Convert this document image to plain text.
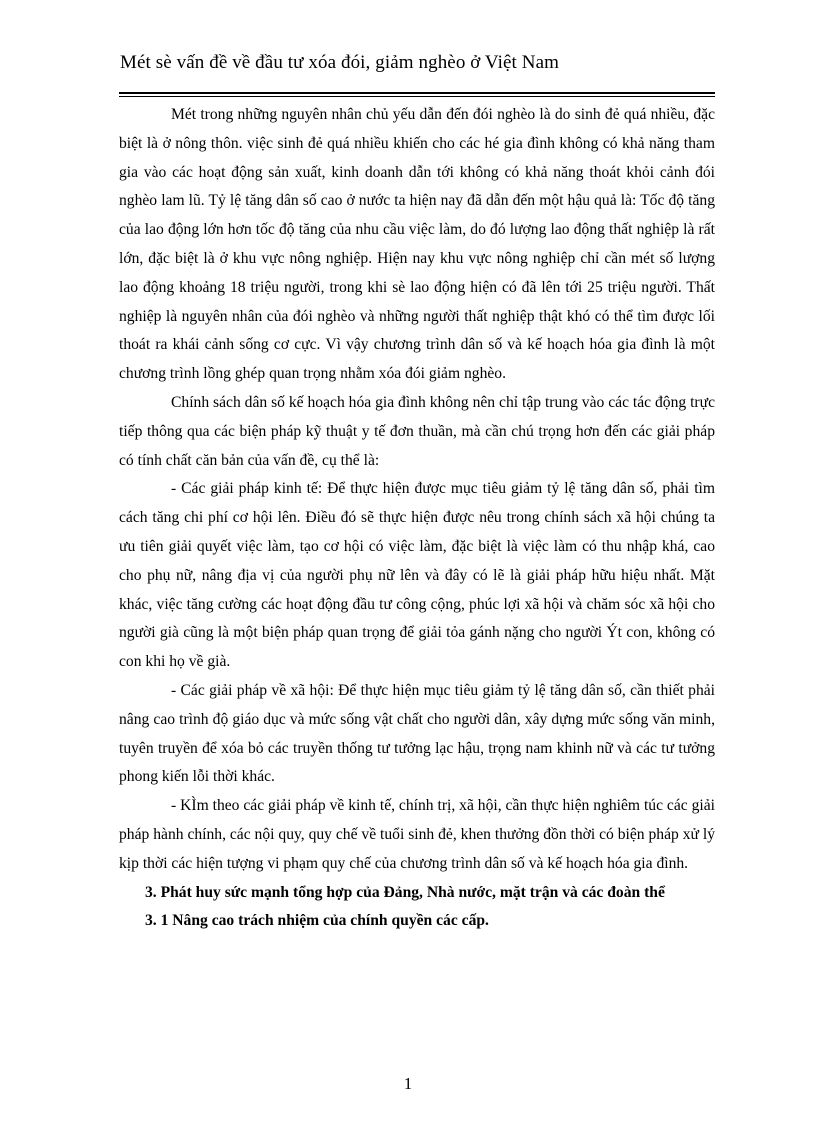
Mét sè vấn đề về đầu tư xóa đói, giảm nghèo ở Việt Nam

Mét trong những nguyên nhân chủ yếu dẫn đến đói nghèo là do sinh đẻ quá nhiều, đặc biệt là ở nông thôn. việc sinh đẻ quá nhiều khiến cho các hé gia đình không có khả năng tham gia vào các hoạt động sản xuất, kinh doanh dẫn tới không có khả năng thoát khỏi cảnh đói nghèo lam lũ. Tỷ lệ tăng dân số cao ở nước ta hiện nay đã dẫn đến một hậu quả là: Tốc độ tăng của lao động lớn hơn tốc độ tăng của nhu cầu việc làm, do đó lượng lao động thất nghiệp là rất lớn, đặc biệt là ở khu vực nông nghiệp. Hiện nay khu vực nông nghiệp chỉ cần mét số lượng lao động khoảng 18 triệu người, trong khi sè lao động hiện có đã lên tới 25 triệu người. Thất nghiệp là nguyên nhân của đói nghèo và những người thất nghiệp thật khó có thể tìm được lối thoát ra khái cảnh sống cơ cực. Vì vậy chương trình dân số và kế hoạch hóa gia đình là một chương trình lồng ghép quan trọng nhằm xóa đói giảm nghèo.

Chính sách dân số kế hoạch hóa gia đình không nên chỉ tập trung vào các tác động trực tiếp thông qua các biện pháp kỹ thuật y tế đơn thuần, mà cần chú trọng hơn đến các giải pháp có tính chất căn bản của vấn đề, cụ thể là:

- Các giải pháp kinh tế: Để thực hiện được mục tiêu giảm tỷ lệ tăng dân số, phải tìm cách tăng chi phí cơ hội lên. Điều đó sẽ thực hiện được nêu trong chính sách xã hội chúng ta ưu tiên giải quyết việc làm, tạo cơ hội có việc làm, đặc biệt là việc làm có thu nhập khá, cao cho phụ nữ, nâng địa vị của người phụ nữ lên và đây có lẽ là giải pháp hữu hiệu nhất. Mặt khác, việc tăng cường các hoạt động đầu tư công cộng, phúc lợi xã hội và chăm sóc xã hội cho người già cũng là một biện pháp quan trọng để giải tỏa gánh nặng cho người Ýt con, không có con khi họ về già.

- Các giải pháp về xã hội: Để thực hiện mục tiêu giảm tỷ lệ tăng dân số, cần thiết phải nâng cao trình độ giáo dục và mức sống vật chất cho người dân, xây dựng mức sống văn minh, tuyên truyền để xóa bỏ các truyền thống tư tưởng lạc hậu, trọng nam khinh nữ và các tư tưởng phong kiến lỗi thời khác.

- KÌm theo các giải pháp về kinh tế, chính trị, xã hội, cần thực hiện nghiêm túc các giải pháp hành chính, các nội quy, quy chế về tuổi sinh đẻ, khen thưởng đồn thời có biện pháp xử lý kịp thời các hiện tượng vi phạm quy chế của chương trình dân số và kế hoạch hóa gia đình.

3. Phát huy sức mạnh tổng hợp của Đảng, Nhà nước, mặt trận và các đoàn thể

3. 1 Nâng cao trách nhiệm của chính quyền các cấp.

1
